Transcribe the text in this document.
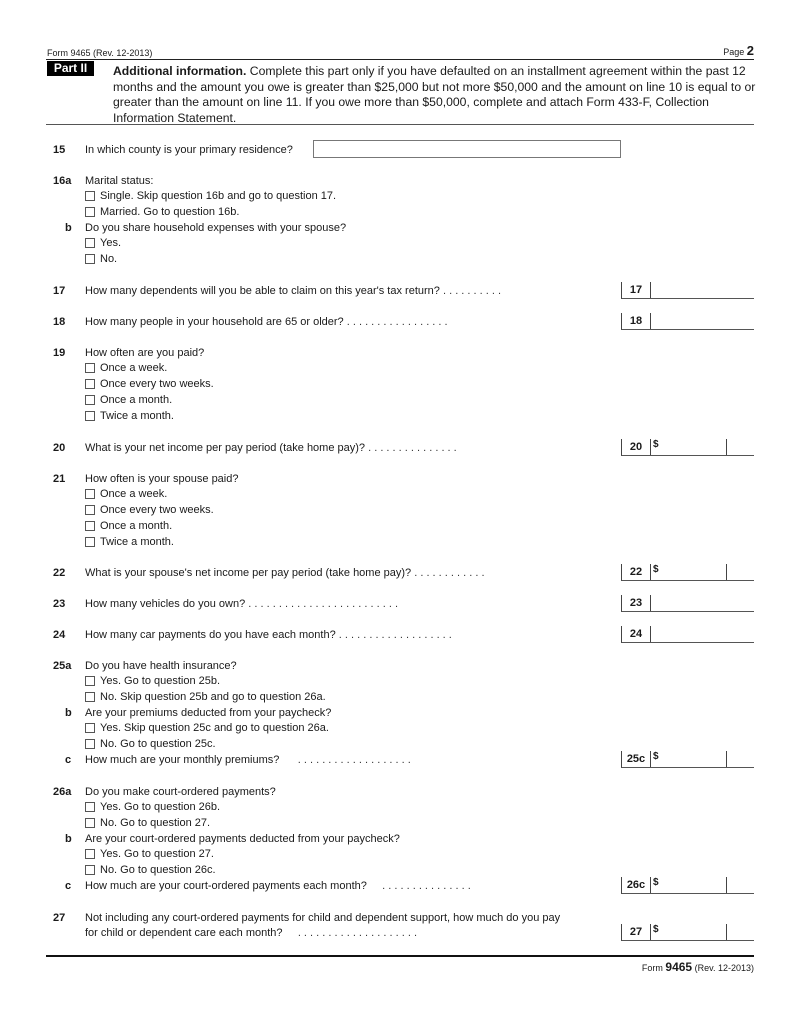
Form 9465 (Rev. 12-2013)	Page 2
Part II	Additional information. Complete this part only if you have defaulted on an installment agreement within the past 12 months and the amount you owe is greater than $25,000 but not more $50,000 and the amount on line 10 is equal to or greater than the amount on line 11. If you owe more than $50,000, complete and attach Form 433-F, Collection Information Statement.
15 In which county is your primary residence?
16a Marital status:
Single. Skip question 16b and go to question 17.
Married. Go to question 16b.
b Do you share household expenses with your spouse?
Yes.
No.
17 How many dependents will you be able to claim on this year's tax return? . . . . . . . . . .	17
18 How many people in your household are 65 or older? . . . . . . . . . . . . . . . . .	18
19 How often are you paid?
Once a week.
Once every two weeks.
Once a month.
Twice a month.
20 What is your net income per pay period (take home pay)? . . . . . . . . . . . . . . .	20	$
21 How often is your spouse paid?
Once a week.
Once every two weeks.
Once a month.
Twice a month.
22 What is your spouse's net income per pay period (take home pay)? . . . . . . . . . . . .	22	$
23 How many vehicles do you own? . . . . . . . . . . . . . . . . . . . . . . . . .	23
24 How many car payments do you have each month? . . . . . . . . . . . . . . . . . . .	24
25a Do you have health insurance?
Yes. Go to question 25b.
No. Skip question 25b and go to question 26a.
b Are your premiums deducted from your paycheck?
Yes. Skip question 25c and go to question 26a.
No. Go to question 25c.
c How much are your monthly premiums? . . . . . . . . . . . . . . . . . . .	25c $
26a Do you make court-ordered payments?
Yes. Go to question 26b.
No. Go to question 27.
b Are your court-ordered payments deducted from your paycheck?
Yes. Go to question 27.
No. Go to question 26c.
c How much are your court-ordered payments each month? . . . . . . . . . . . . . . .	26c $
27 Not including any court-ordered payments for child and dependent support, how much do you pay
for child or dependent care each month? . . . . . . . . . . . . . . . . . . . .	27	$
Form 9465 (Rev. 12-2013)
